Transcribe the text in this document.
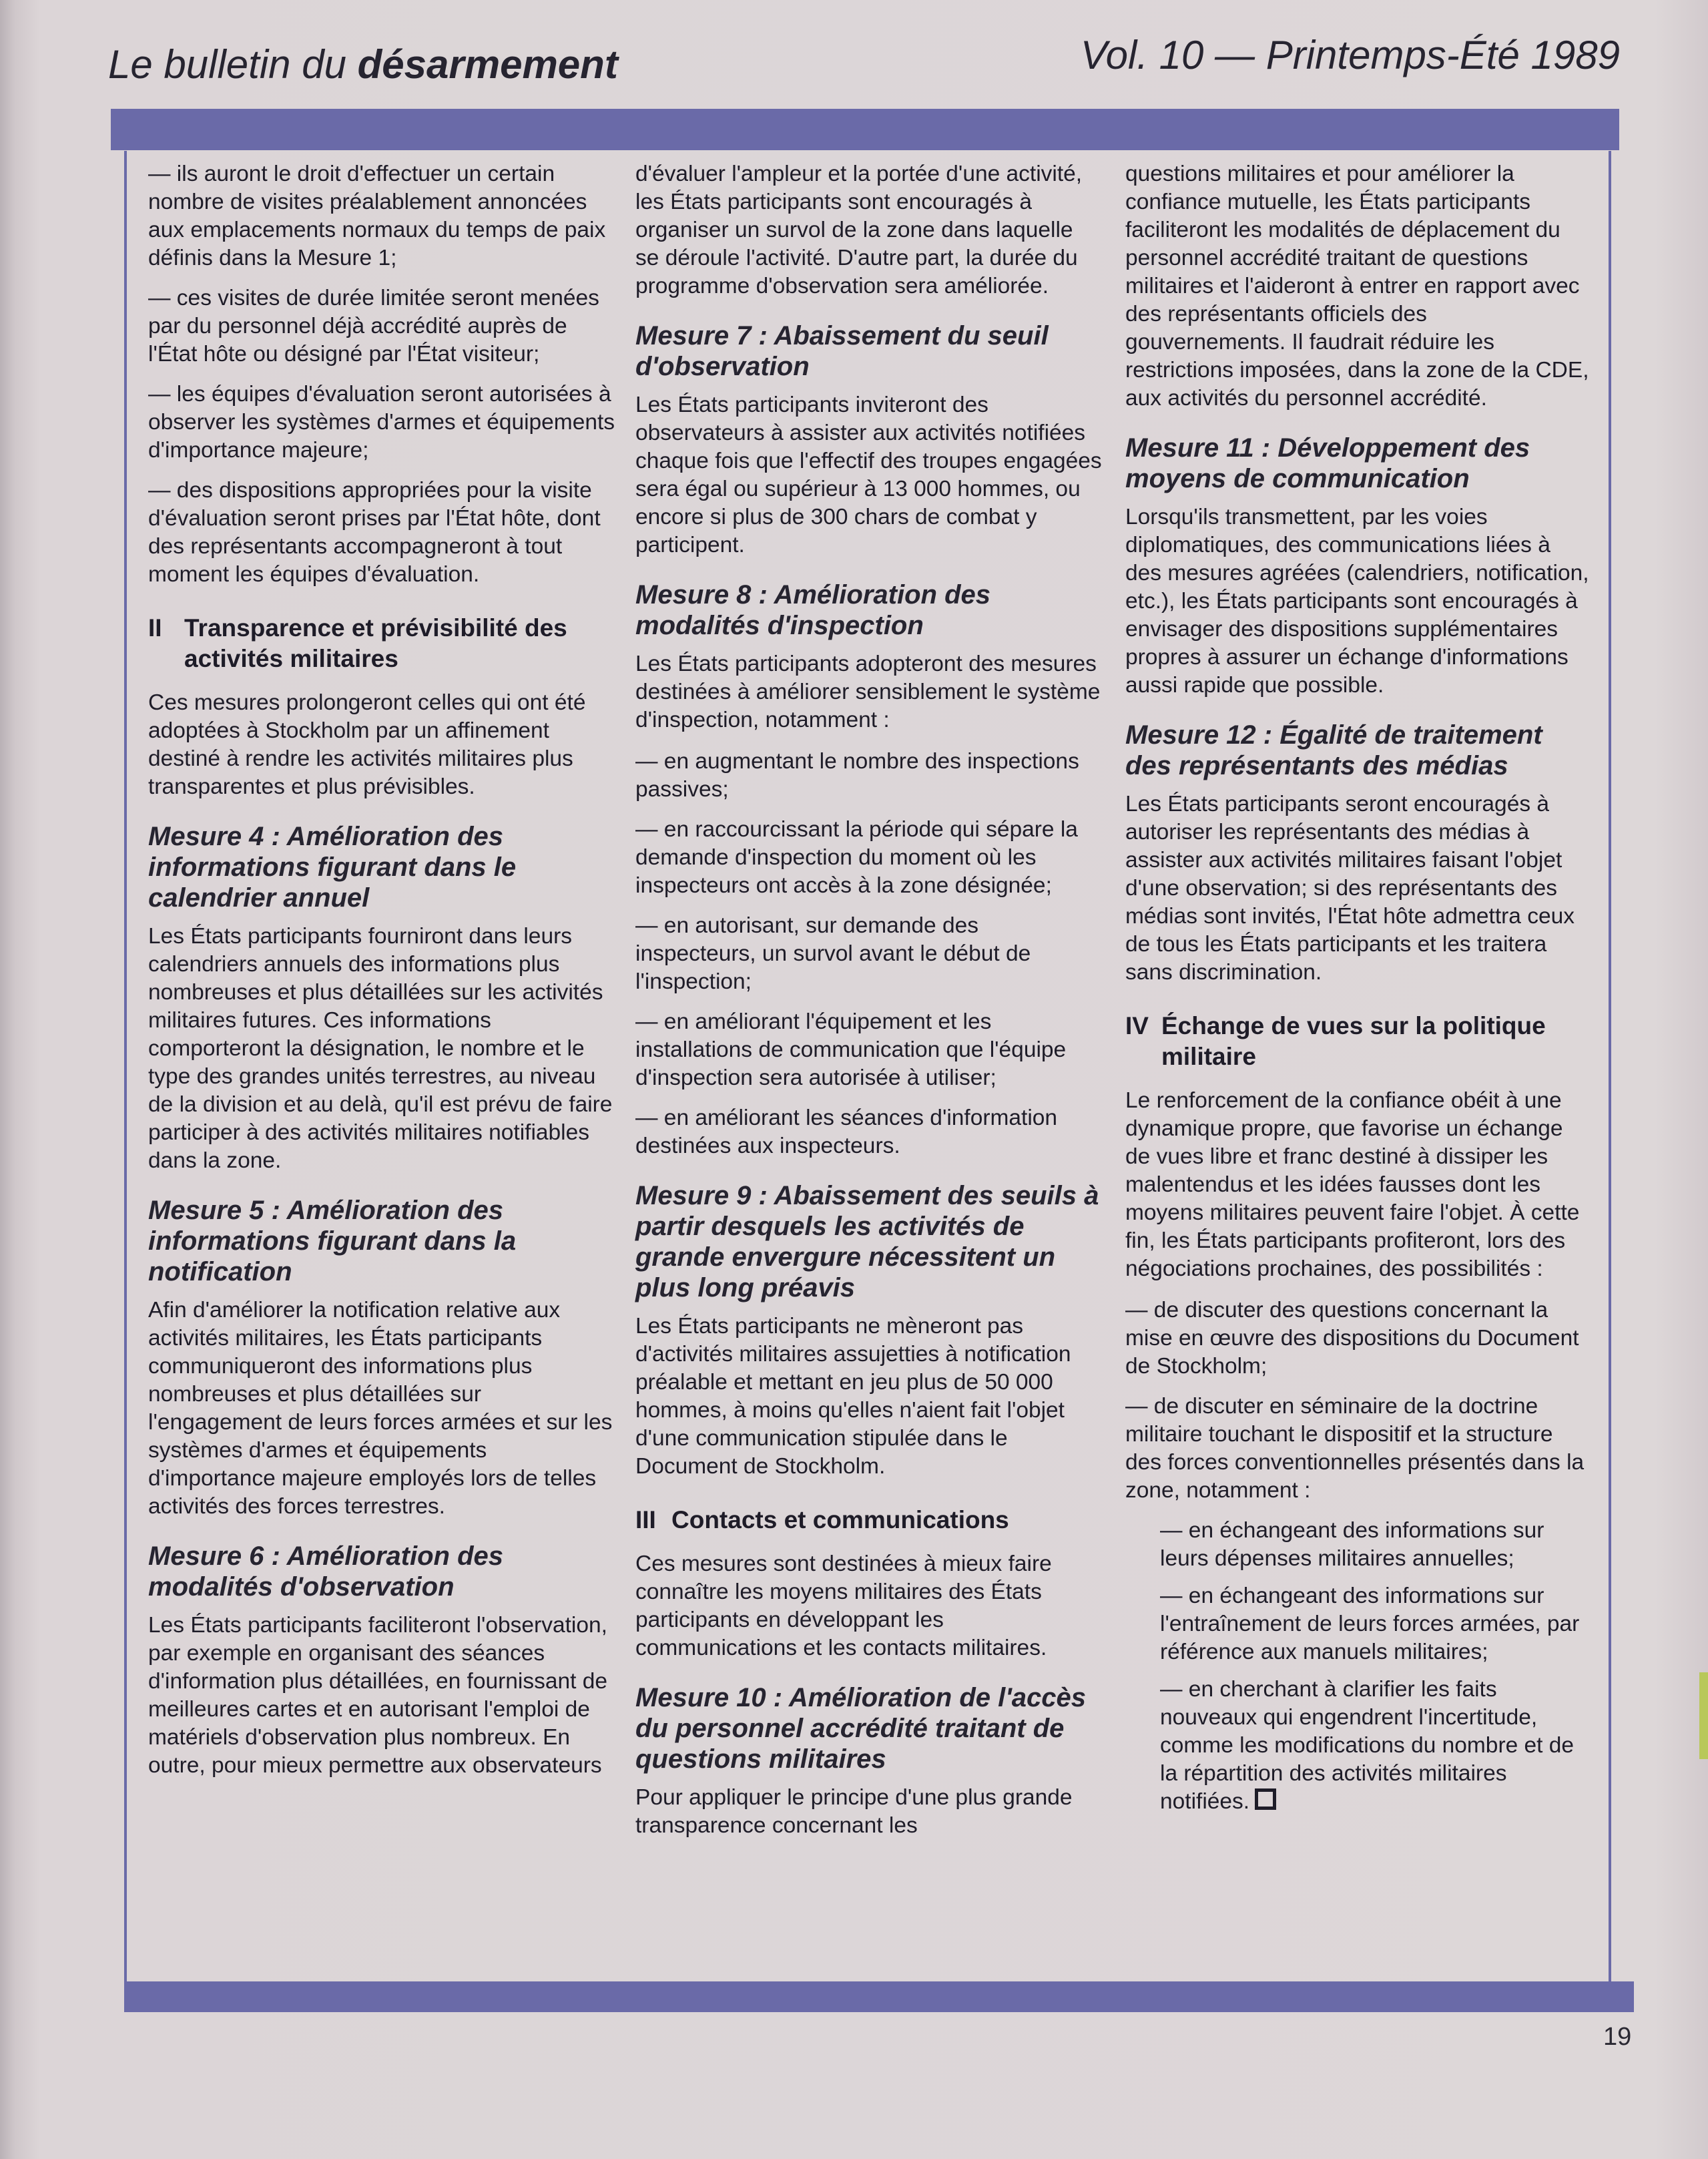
Le bulletin du désarmement	Vol. 10 — Printemps-Été 1989

— ils auront le droit d'effectuer un certain nombre de visites préalablement annoncées aux emplacements normaux du temps de paix définis dans la Mesure 1;

— ces visites de durée limitée seront menées par du personnel déjà accrédité auprès de l'État hôte ou désigné par l'État visiteur;

— les équipes d'évaluation seront autorisées à observer les systèmes d'armes et équipements d'importance majeure;

— des dispositions appropriées pour la visite d'évaluation seront prises par l'État hôte, dont des représentants accompagneront à tout moment les équipes d'évaluation.

II Transparence et prévisibilité des activités militaires

Ces mesures prolongeront celles qui ont été adoptées à Stockholm par un affinement destiné à rendre les activités militaires plus transparentes et plus prévisibles.

Mesure 4 : Amélioration des informations figurant dans le calendrier annuel

Les États participants fourniront dans leurs calendriers annuels des informations plus nombreuses et plus détaillées sur les activités militaires futures. Ces informations comporteront la désignation, le nombre et le type des grandes unités terrestres, au niveau de la division et au delà, qu'il est prévu de faire participer à des activités militaires notifiables dans la zone.

Mesure 5 : Amélioration des informations figurant dans la notification

Afin d'améliorer la notification relative aux activités militaires, les États participants communiqueront des informations plus nombreuses et plus détaillées sur l'engagement de leurs forces armées et sur les systèmes d'armes et équipements d'importance majeure employés lors de telles activités des forces terrestres.

Mesure 6 : Amélioration des modalités d'observation

Les États participants faciliteront l'observation, par exemple en organisant des séances d'information plus détaillées, en fournissant de meilleures cartes et en autorisant l'emploi de matériels d'observation plus nombreux. En outre, pour mieux permettre aux observateurs

d'évaluer l'ampleur et la portée d'une activité, les États participants sont encouragés à organiser un survol de la zone dans laquelle se déroule l'activité. D'autre part, la durée du programme d'observation sera améliorée.

Mesure 7 : Abaissement du seuil d'observation

Les États participants inviteront des observateurs à assister aux activités notifiées chaque fois que l'effectif des troupes engagées sera égal ou supérieur à 13 000 hommes, ou encore si plus de 300 chars de combat y participent.

Mesure 8 : Amélioration des modalités d'inspection

Les États participants adopteront des mesures destinées à améliorer sensiblement le système d'inspection, notamment :

— en augmentant le nombre des inspections passives;

— en raccourcissant la période qui sépare la demande d'inspection du moment où les inspecteurs ont accès à la zone désignée;

— en autorisant, sur demande des inspecteurs, un survol avant le début de l'inspection;

— en améliorant l'équipement et les installations de communication que l'équipe d'inspection sera autorisée à utiliser;

— en améliorant les séances d'information destinées aux inspecteurs.

Mesure 9 : Abaissement des seuils à partir desquels les activités de grande envergure nécessitent un plus long préavis

Les États participants ne mèneront pas d'activités militaires assujetties à notification préalable et mettant en jeu plus de 50 000 hommes, à moins qu'elles n'aient fait l'objet d'une communication stipulée dans le Document de Stockholm.

III Contacts et communications

Ces mesures sont destinées à mieux faire connaître les moyens militaires des États participants en développant les communications et les contacts militaires.

Mesure 10 : Amélioration de l'accès du personnel accrédité traitant de questions militaires

Pour appliquer le principe d'une plus grande transparence concernant les

questions militaires et pour améliorer la confiance mutuelle, les États participants faciliteront les modalités de déplacement du personnel accrédité traitant de questions militaires et l'aideront à entrer en rapport avec des représentants officiels des gouvernements. Il faudrait réduire les restrictions imposées, dans la zone de la CDE, aux activités du personnel accrédité.

Mesure 11 : Développement des moyens de communication

Lorsqu'ils transmettent, par les voies diplomatiques, des communications liées à des mesures agréées (calendriers, notification, etc.), les États participants sont encouragés à envisager des dispositions supplémentaires propres à assurer un échange d'informations aussi rapide que possible.

Mesure 12 : Égalité de traitement des représentants des médias

Les États participants seront encouragés à autoriser les représentants des médias à assister aux activités militaires faisant l'objet d'une observation; si des représentants des médias sont invités, l'État hôte admettra ceux de tous les États participants et les traitera sans discrimination.

IV Échange de vues sur la politique militaire

Le renforcement de la confiance obéit à une dynamique propre, que favorise un échange de vues libre et franc destiné à dissiper les malentendus et les idées fausses dont les moyens militaires peuvent faire l'objet. À cette fin, les États participants profiteront, lors des négociations prochaines, des possibilités :

— de discuter des questions concernant la mise en œuvre des dispositions du Document de Stockholm;

— de discuter en séminaire de la doctrine militaire touchant le dispositif et la structure des forces conventionnelles présentés dans la zone, notamment :

— en échangeant des informations sur leurs dépenses militaires annuelles;

— en échangeant des informations sur l'entraînement de leurs forces armées, par référence aux manuels militaires;

— en cherchant à clarifier les faits nouveaux qui engendrent l'incertitude, comme les modifications du nombre et de la répartition des activités militaires notifiées.

19
